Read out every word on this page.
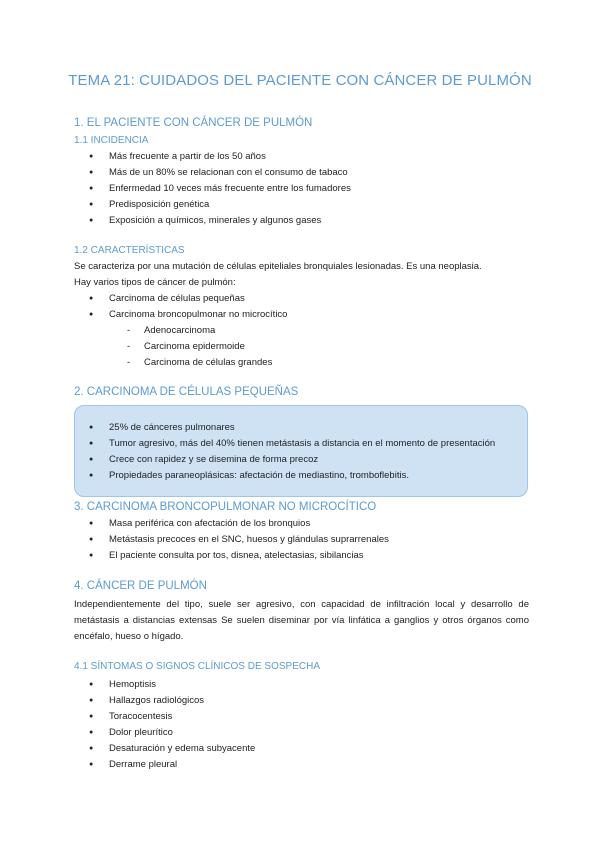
TEMA 21: CUIDADOS DEL PACIENTE CON CÁNCER DE PULMÓN
1. EL PACIENTE CON CÁNCER DE PULMÓN
1.1 INCIDENCIA
● Más frecuente a partir de los 50 años
● Más de un 80% se relacionan con el consumo de tabaco
● Enfermedad 10 veces más frecuente entre los fumadores
● Predisposición genética
● Exposición a químicos, minerales y algunos gases
1.2 CARACTERÍSTICAS
Se caracteriza por una mutación de células epiteliales bronquiales lesionadas. Es una neoplasia.
Hay varios tipos de cáncer de pulmón:
● Carcinoma de células pequeñas
● Carcinoma broncopulmonar no microcítico
- Adenocarcinoma
- Carcinoma epidermoide
- Carcinoma de células grandes
2. CARCINOMA DE CÉLULAS PEQUEÑAS
● 25% de cánceres pulmonares
● Tumor agresivo, más del 40% tienen metástasis a distancia en el momento de presentación
● Crece con rapidez y se disemina de forma precoz
● Propiedades paraneoplásicas: afectación de mediastino, tromboflebitis.
3. CARCINOMA BRONCOPULMONAR NO MICROCÍTICO
● Masa periférica con afectación de los bronquios
● Metástasis precoces en el SNC, huesos y glándulas suprarrenales
● El paciente consulta por tos, disnea, atelectasias, sibilancias
4. CÁNCER DE PULMÓN
Independientemente del tipo, suele ser agresivo, con capacidad de infiltración local y desarrollo de metástasis a distancias extensas Se suelen diseminar por vía linfática a ganglios y otros órganos como encéfalo, hueso o hígado.
4.1 SÍNTOMAS O SIGNOS CLÍNICOS DE SOSPECHA
● Hemoptisis
● Hallazgos radiológicos
● Toracocentesis
● Dolor pleurítico
● Desaturación y edema subyacente
● Derrame pleural
